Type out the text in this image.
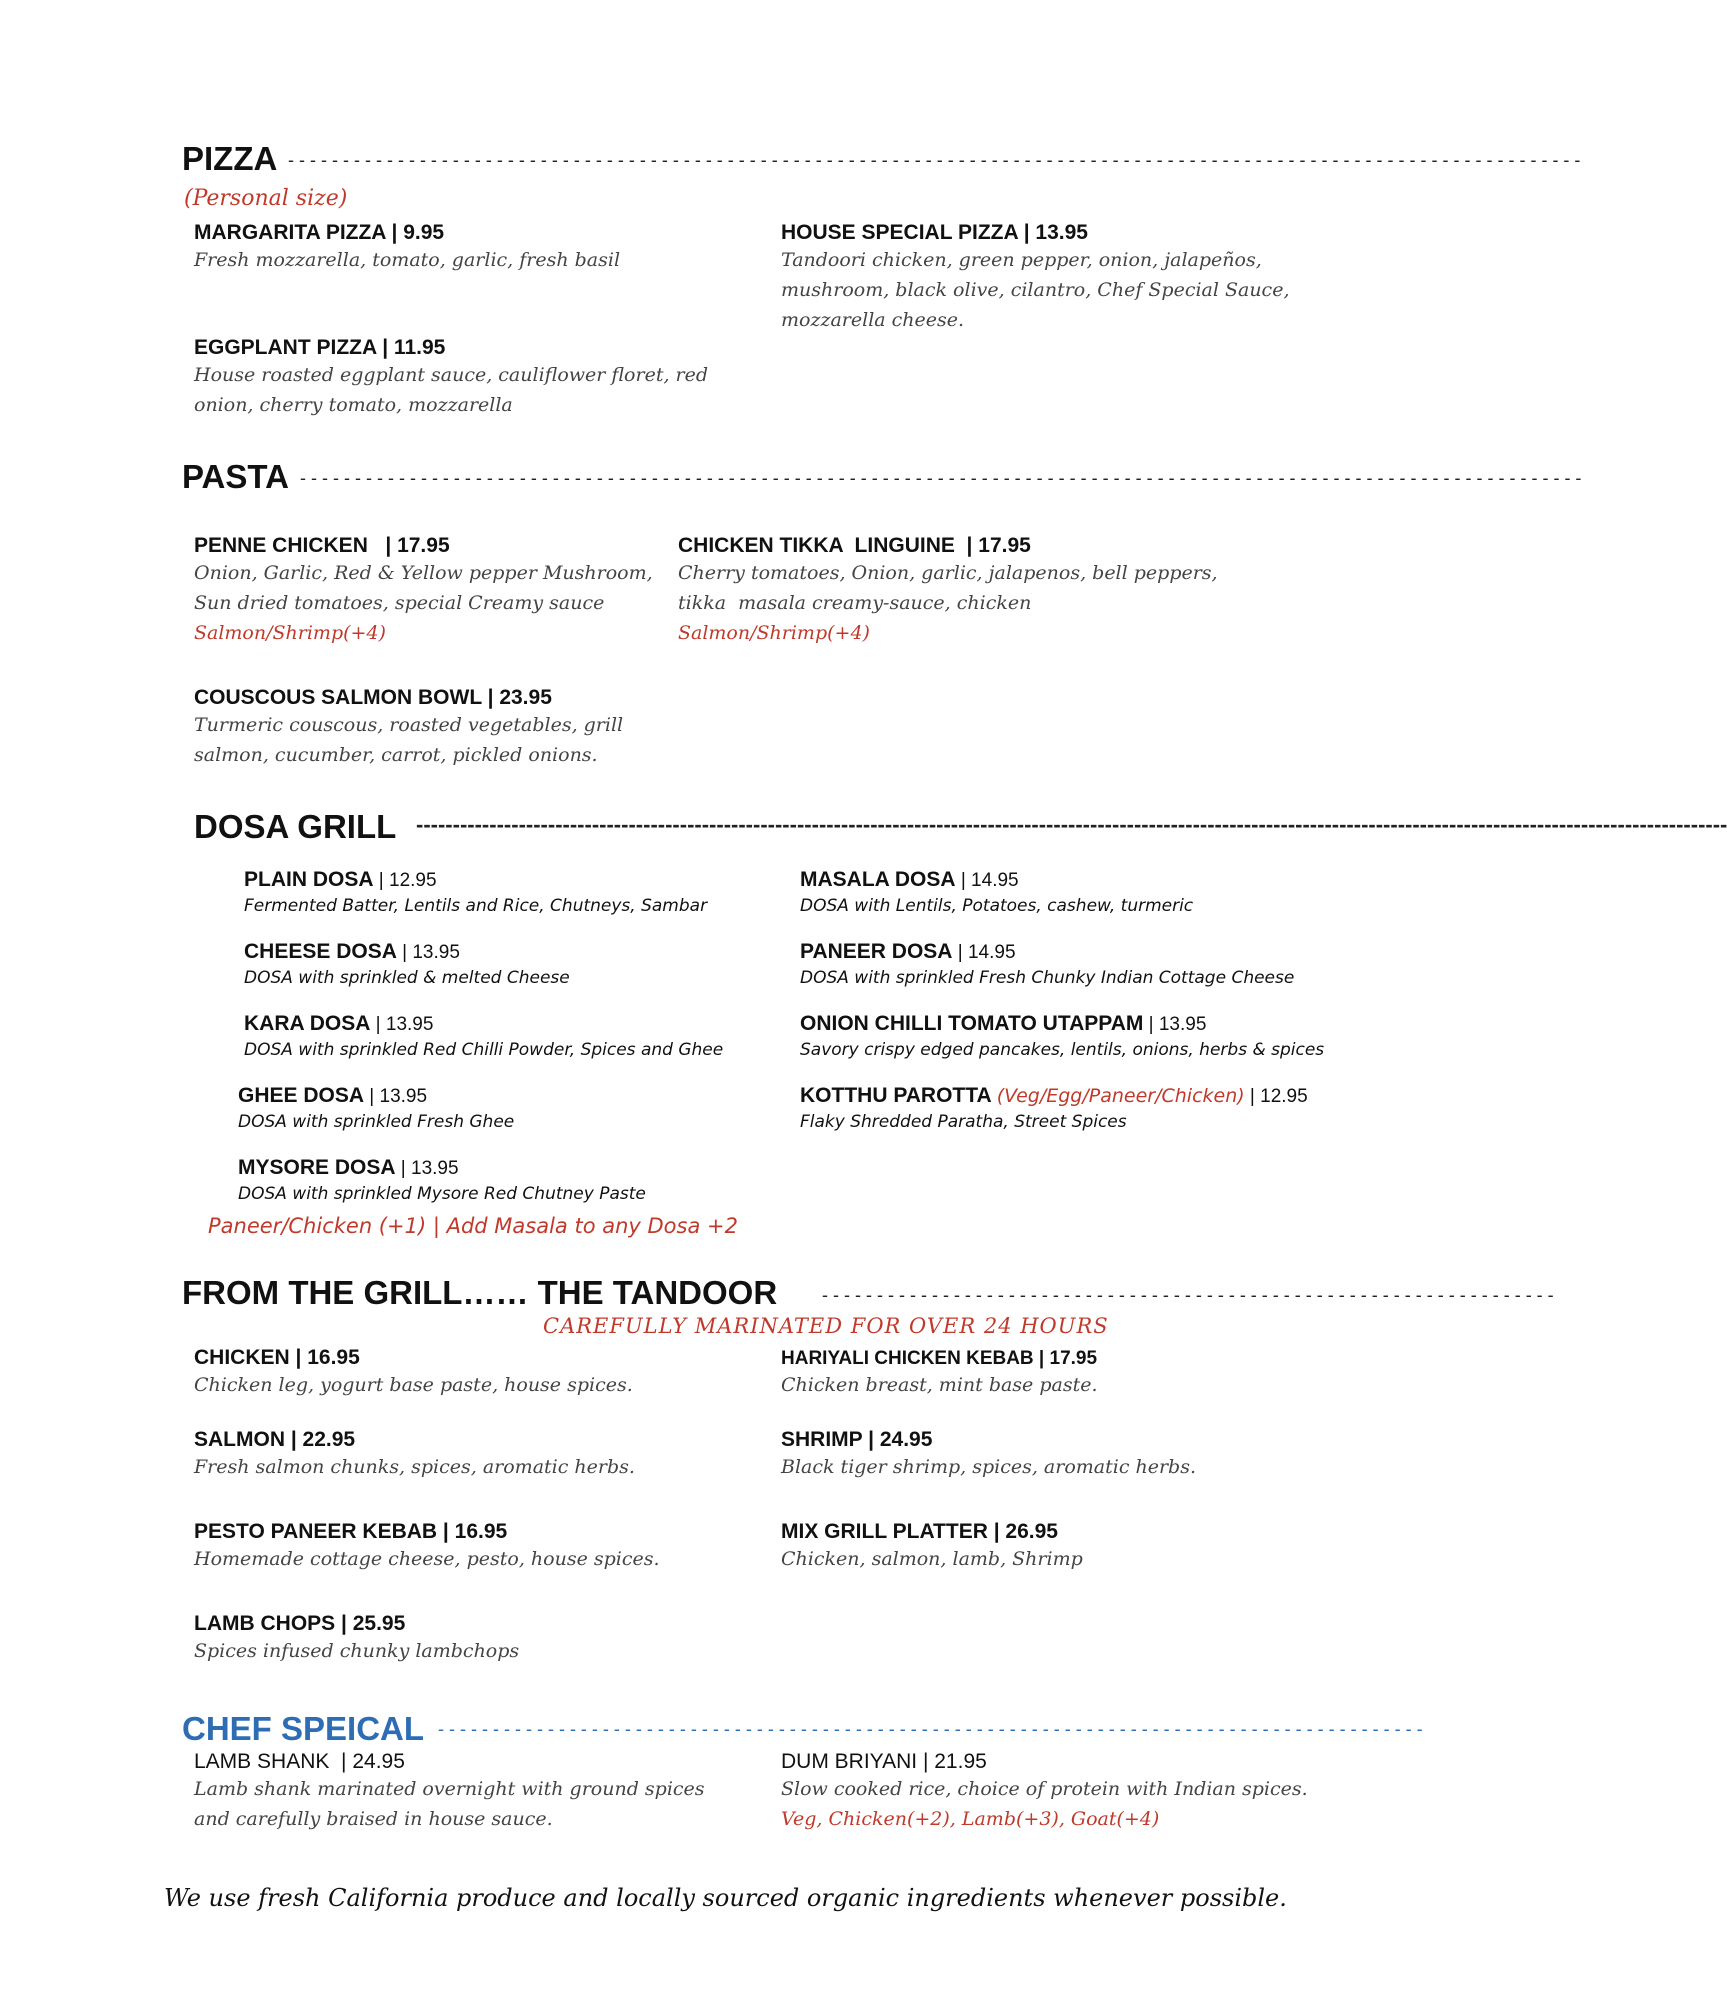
PIZZA - - - - - - - - - - - - - - - - - - - - - - - - - - - - - - - - - - - - - - - - - - - - - - - - - - - - - - - - - - - - - - - - - - - - - - - - - - - - - - - - - - - - - - - - - - - - - - - - - - - - - - - - - - - - - - - - - - - - - -
(Personal size)
MARGARITA PIZZA | 9.95
Fresh mozzarella, tomato, garlic, fresh basil
HOUSE SPECIAL PIZZA | 13.95
Tandoori chicken, green pepper, onion, jalapeños,
mushroom, black olive, cilantro, Chef Special Sauce,
mozzarella cheese.
EGGPLANT PIZZA | 11.95
House roasted eggplant sauce, cauliflower floret, red
onion, cherry tomato, mozzarella
PASTA - - - - - - - - - - - - - - - - - - - - - - - - - - - - - - - - - - - - - - - - - - - - - - - - - - - - - - - - - - - - - - - - - - - - - - - - - - - - - - - - - - - - - - - - - - - - - - - - - - - - - - - - - - - - - - - - - - - - -
PENNE CHICKEN   | 17.95
Onion, Garlic, Red & Yellow pepper Mushroom,
Sun dried tomatoes, special Creamy sauce
Salmon/Shrimp(+4)
CHICKEN TIKKA  LINGUINE  | 17.95
Cherry tomatoes, Onion, garlic, jalapenos, bell peppers,
tikka  masala creamy-sauce, chicken
Salmon/Shrimp(+4)
COUSCOUS SALMON BOWL | 23.95
Turmeric couscous, roasted vegetables, grill
salmon, cucumber, carrot, pickled onions.
DOSA GRILL -----------------------------------------------------------------------------------------------------------------------------------------------------------------------------------
PLAIN DOSA | 12.95
Fermented Batter, Lentils and Rice, Chutneys, Sambar
CHEESE DOSA | 13.95
DOSA with sprinkled & melted Cheese
KARA DOSA | 13.95
DOSA with sprinkled Red Chilli Powder, Spices and Ghee
GHEE DOSA | 13.95
DOSA with sprinkled Fresh Ghee
MYSORE DOSA | 13.95
DOSA with sprinkled Mysore Red Chutney Paste
Paneer/Chicken (+1) | Add Masala to any Dosa +2
MASALA DOSA | 14.95
DOSA with Lentils, Potatoes, cashew, turmeric
PANEER DOSA | 14.95
DOSA with sprinkled Fresh Chunky Indian Cottage Cheese
ONION CHILLI TOMATO UTAPPAM | 13.95
Savory crispy edged pancakes, lentils, onions, herbs & spices
KOTTHU PAROTTA (Veg/Egg/Paneer/Chicken) | 12.95
Flaky Shredded Paratha, Street Spices
FROM THE GRILL…… THE TANDOOR - - - - - - - - - - - - - - - - - - - - - - - - - - - - - - - - - - - - - - - - - - - - - - - - - - - - - - - - - - - - - - - - - - -
CAREFULLY MARINATED FOR OVER 24 HOURS
CHICKEN | 16.95
Chicken leg, yogurt base paste, house spices.
HARIYALI CHICKEN KEBAB | 17.95
Chicken breast, mint base paste.
SALMON | 22.95
Fresh salmon chunks, spices, aromatic herbs.
SHRIMP | 24.95
Black tiger shrimp, spices, aromatic herbs.
PESTO PANEER KEBAB | 16.95
Homemade cottage cheese, pesto, house spices.
MIX GRILL PLATTER | 26.95
Chicken, salmon, lamb, Shrimp
LAMB CHOPS | 25.95
Spices infused chunky lambchops
CHEF SPEICAL - - - - - - - - - - - - - - - - - - - - - - - - - - - - - - - - - - - - - - - - - - - - - - - - - - - - - - - - - - - - - - - - - - - - - - - - - - - - - - - - - - - - - - - - - -
LAMB SHANK  | 24.95
Lamb shank marinated overnight with ground spices
and carefully braised in house sauce.
DUM BRIYANI | 21.95
Slow cooked rice, choice of protein with Indian spices.
Veg, Chicken(+2), Lamb(+3), Goat(+4)
We use fresh California produce and locally sourced organic ingredients whenever possible.
